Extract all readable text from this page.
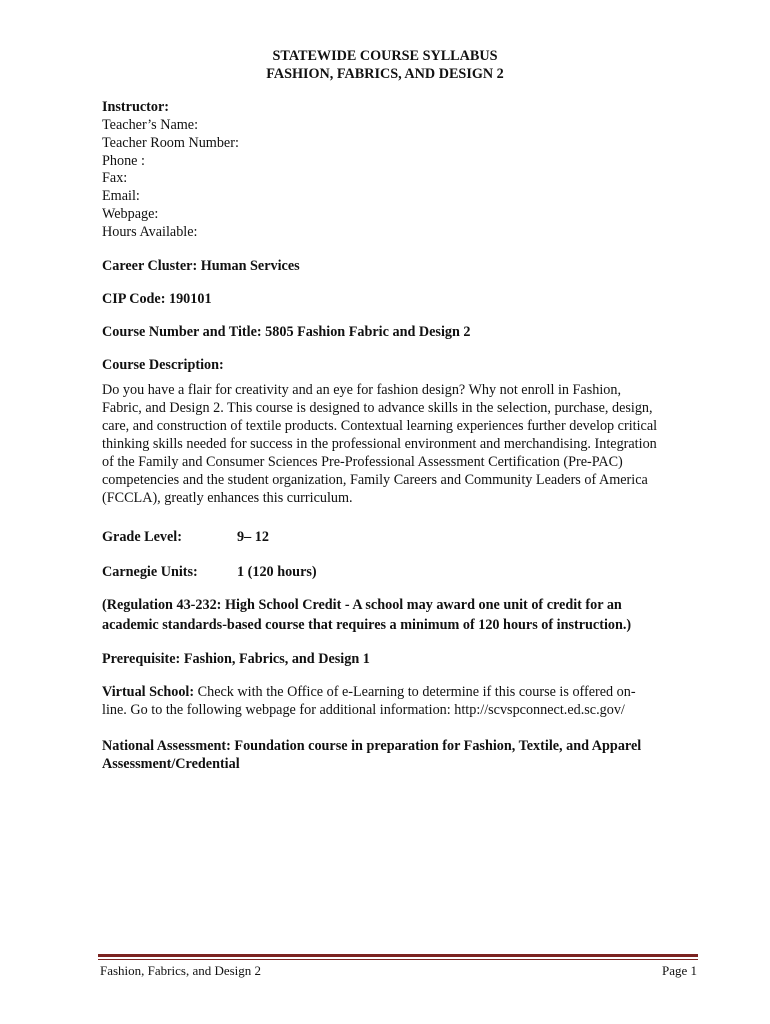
STATEWIDE COURSE SYLLABUS
FASHION, FABRICS, AND DESIGN 2
Instructor:
Teacher’s Name:
Teacher Room Number:
Phone :
Fax:
Email:
Webpage:
Hours Available:
Career Cluster: Human Services
CIP Code: 190101
Course Number and Title: 5805 Fashion Fabric and Design 2
Course Description:
Do you have a flair for creativity and an eye for fashion design? Why not enroll in Fashion,
Fabric, and Design 2. This course is designed to advance skills in the selection, purchase, design,
care, and construction of textile products. Contextual learning experiences further develop critical
thinking skills needed for success in the professional environment and merchandising. Integration
of the Family and Consumer Sciences Pre-Professional Assessment Certification (Pre-PAC)
competencies and the student organization, Family Careers and Community Leaders of America
(FCCLA), greatly enhances this curriculum.
Grade Level:	9– 12
Carnegie Units:	1 (120 hours)
(Regulation 43-232: High School Credit - A school may award one unit of credit for an
academic standards-based course that requires a minimum of 120 hours of instruction.)
Prerequisite: Fashion, Fabrics, and Design 1
Virtual School: Check with the Office of e-Learning to determine if this course is offered on-
line. Go to the following webpage for additional information: http://scvspconnect.ed.sc.gov/
National Assessment: Foundation course in preparation for Fashion, Textile, and Apparel
Assessment/Credential
Fashion, Fabrics, and Design 2	Page 1
